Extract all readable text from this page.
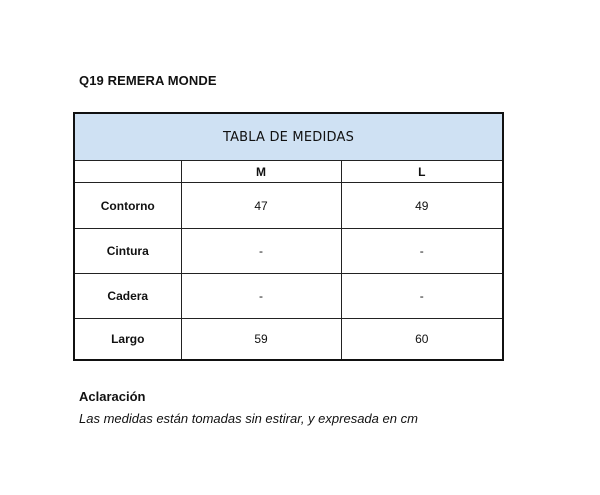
Q19 REMERA MONDE
TABLA DE MEDIDAS		
	M	L
Contorno	47	49
Cintura	-	-
Cadera	-	-
Largo	59	60
Aclaración
Las medidas están tomadas sin estirar, y expresada en cm
